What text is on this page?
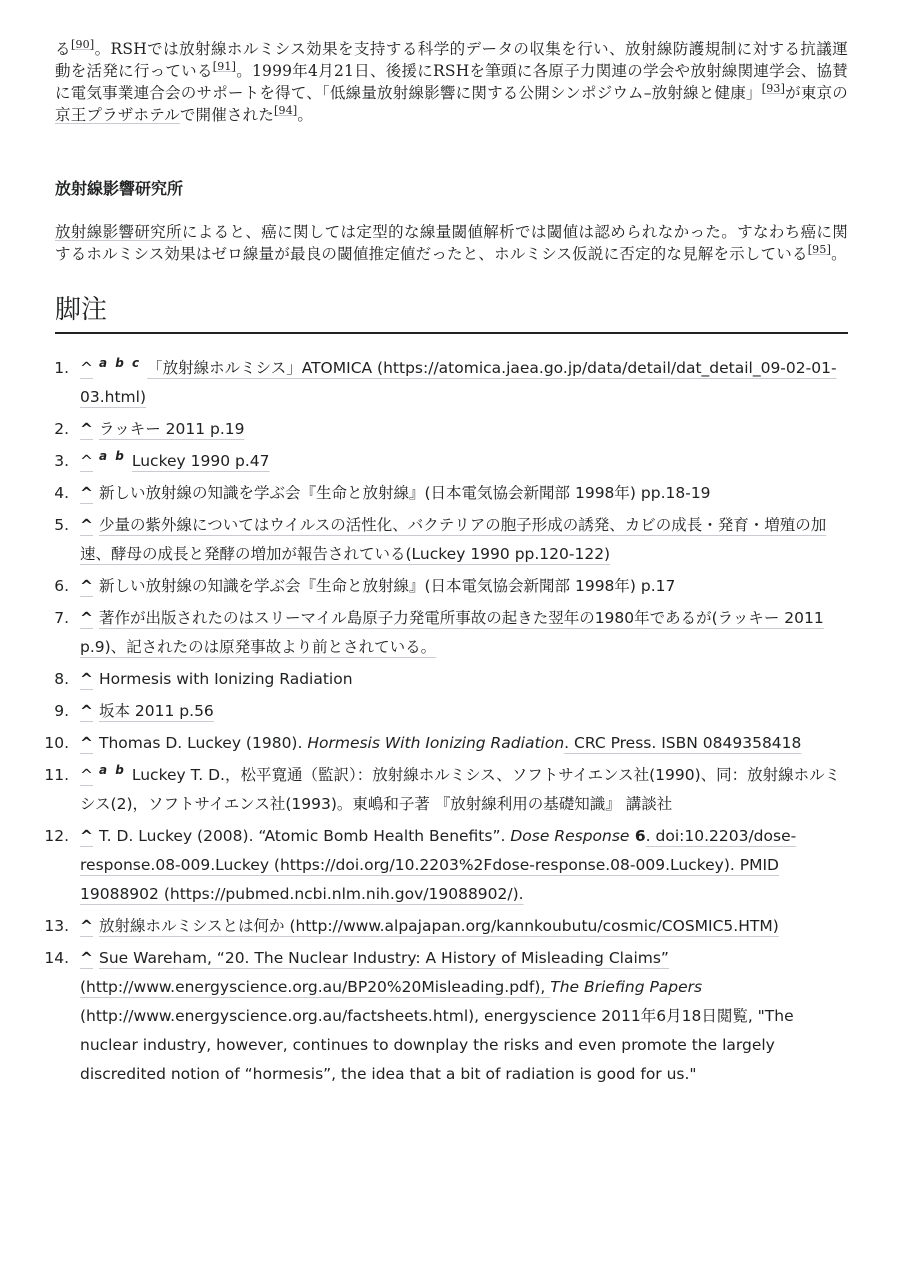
る[90]。RSHでは放射線ホルミシス効果を支持する科学的データの収集を行い、放射線防護規制に対する抗議運動を活発に行っている[91]。1999年4月21日、後援にRSHを筆頭に各原子力関連の学会や放射線関連学会、協賛に電気事業連合会のサポートを得て、「低線量放射線影響に関する公開シンポジウム–放射線と健康」[93]が東京の京王プラザホテルで開催された[94]。

放射線影響研究所

放射線影響研究所によると、癌に関しては定型的な線量閾値解析では閾値は認められなかった。すなわち癌に関するホルミシス効果はゼロ線量が最良の閾値推定値だったと、ホルミシス仮説に否定的な見解を示している[95]。

脚注
1. ^ $^{a b c}$ 「放射線ホルミシス」ATOMICA (https://atomica.jaea.go.jp/data/detail/dat_detail_09-02-01-03.html)
2. ^ ラッキー 2011 p.19
3. ^ $^{a b}$ Luckey 1990 p.47
4. ^ 新しい放射線の知識を学ぶ会『生命と放射線』(日本電気協会新聞部 1998年) pp.18-19
5. ^ 少量の紫外線についてはウイルスの活性化、バクテリアの胞子形成の誘発、カビの成長・発育・増殖の加速、酵母の成長と発酵の増加が報告されている(Luckey 1990 pp.120-122)
6. ^ 新しい放射線の知識を学ぶ会『生命と放射線』(日本電気協会新聞部 1998年) p.17
7. ^ 著作が出版されたのはスリーマイル島原子力発電所事故の起きた翌年の1980年であるが(ラッキー 2011 p.9)、記されたのは原発事故より前とされている。
8. ^ Hormesis with Ionizing Radiation
9. ^ 坂本 2011 p.56
10. ^ Thomas D. Luckey (1980). Hormesis With Ionizing Radiation. CRC Press. ISBN 0849358418
11. ^ $^{a b}$ Luckey T. D.，松平寛通（監訳）：放射線ホルミシス、ソフトサイエンス社(1990)、同：放射線ホルミシス(2)，ソフトサイエンス社(1993)。東嶋和子著 『放射線利用の基礎知識』 講談社
12. ^ T. D. Luckey (2008). “Atomic Bomb Health Benefits”. Dose Response 6. doi:10.2203/dose-response.08-009.Luckey (https://doi.org/10.2203%2Fdose-response.08-009.Luckey). PMID 19088902 (https://pubmed.ncbi.nlm.nih.gov/19088902/).
13. ^ 放射線ホルミシスとは何か (http://www.alpajapan.org/kannkoubutu/cosmic/COSMIC5.HTM)
14. ^ Sue Wareham, “20. The Nuclear Industry: A History of Misleading Claims” (http://www.energyscience.org.au/BP20%20Misleading.pdf), The Briefing Papers (http://www.energyscience.org.au/factsheets.html), energyscience 2011年6月18日閲覧, "The nuclear industry, however, continues to downplay the risks and even promote the largely discredited notion of “hormesis”, the idea that a bit of radiation is good for us."
